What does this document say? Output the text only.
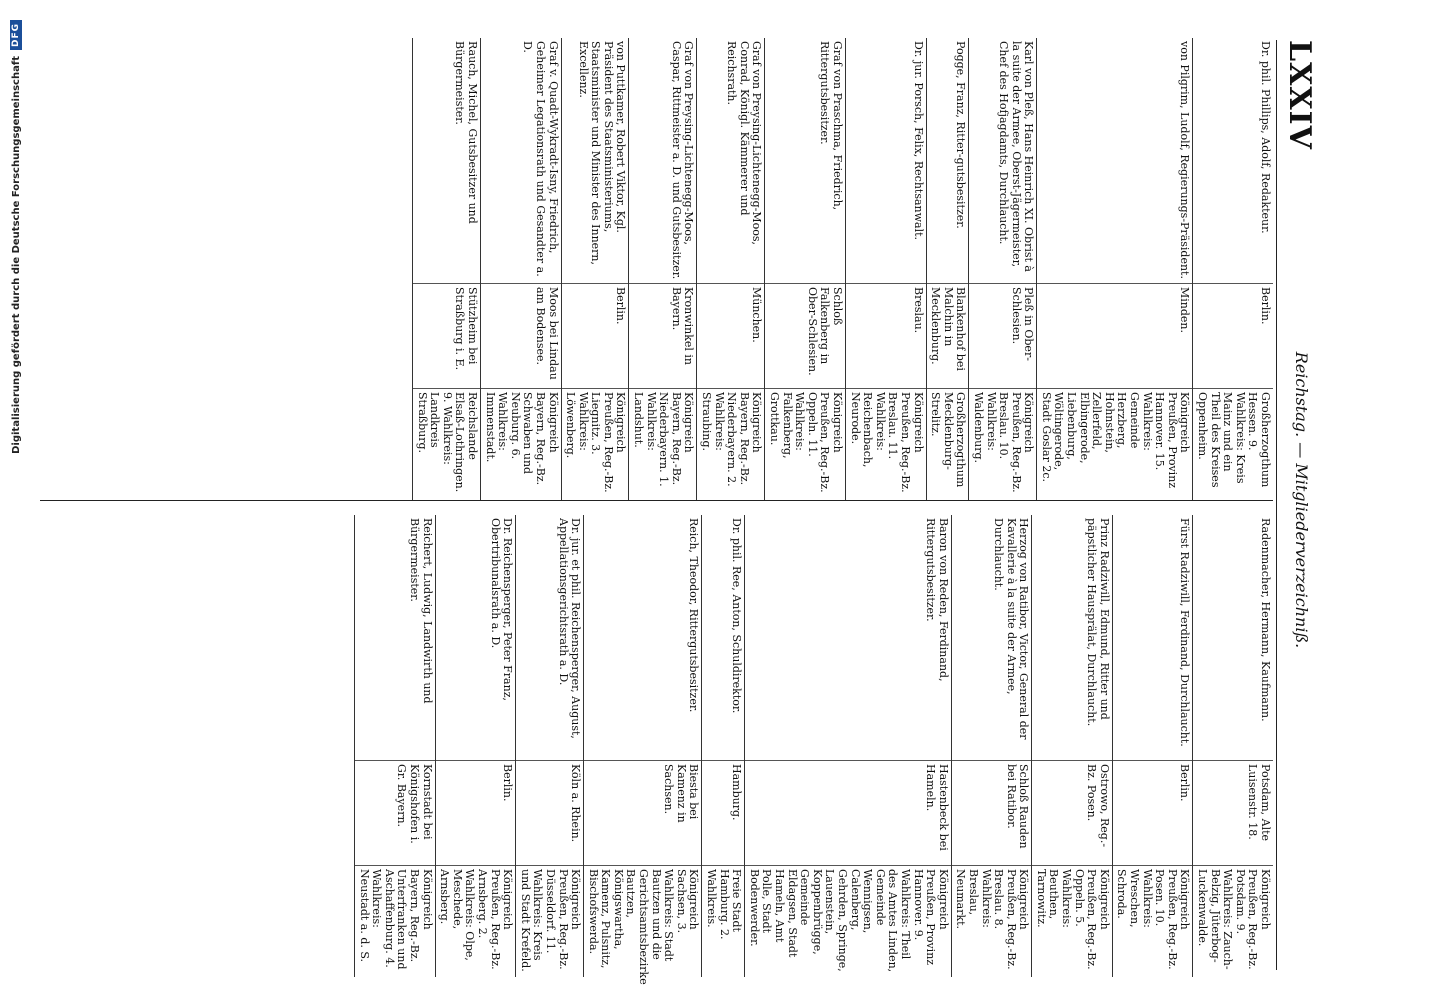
LXXIV
Reichstag. — Mitgliederverzeichniß.
Dr. phil. Phillips, Adolf, Redakteur.
Berlin.
Großherzogthum Hessen. 9. Wahlkreis: Kreis Mainz und ein Theil des Kreises Oppenheim.
von Pilgrim, Ludolf, Regierungs-Präsident.
Minden.
Königreich Preußen, Provinz Hannover. 15. Wahlkreis: Gemeinde Herzberg, Hohnstein, Zellerfeld, Elbingerode, Liebenburg, Wöltingerode, Stadt Goslar 2c.
Karl von Pleß, Hans Heinrich XI. Obrist à la suite der Armee, Oberst-Jägermeister, Chef des Hofjagdamts, Durchlaucht.
Pleß in Ober-Schlesien.
Königreich Preußen, Reg.-Bz. Breslau. 10. Wahlkreis: Waldenburg.
Pogge, Franz, Ritter-gutsbesitzer.
Blankenhof bei Malchin in Mecklenburg.
Großherzogthum Mecklenburg-Strelitz.
Dr. jur. Porsch, Felix, Rechtsanwalt.
Breslau.
Königreich Preußen, Reg.-Bz. Breslau. 11. Wahlkreis: Reichenbach, Neurode.
Graf von Praschma, Friedrich, Rittergutsbesitzer.
Schloß Falkenberg in Ober-Schlesien.
Königreich Preußen, Reg.-Bz. Oppeln. 11. Wahlkreis: Falkenberg, Grottkau.
Graf von Preysing-Lichtenegg-Moos, Conrad, Königl. Kämmerer und Reichsrath.
München.
Königreich Bayern, Reg.-Bz. Niederbayern. 2. Wahlkreis: Straubing.
Graf von Preysing-Lichtenegg-Moos, Caspar, Rittmeister a. D. und Gutsbesitzer.
Kronwinkel in Bayern.
Königreich Bayern, Reg.-Bz. Niederbayern. 1. Wahlkreis: Landshut.
von Puttkamer, Robert Viktor, Kgl. Präsident des Staatsministeriums, Staatsminister und Minister des Innern, Excellenz.
Berlin.
Königreich Preußen, Reg.-Bz. Liegnitz. 3. Wahlkreis: Löwenberg.
Graf v. Quadt-Wykradt-Isny, Friedrich, Geheimer Legationsrath und Gesandter a. D.
Moos bei Lindau am Bodensee.
Königreich Bayern, Reg.-Bz. Schwaben und Neuburg. 6. Wahlkreis: Immenstadt.
Rauch, Michel, Gutsbesitzer und Bürgermeister.
Stützheim bei Straßburg i. E.
Reichslande Elsaß-Lothringen. 9. Wahlkreis: Landkreis Straßburg.
Radenmacher, Hermann, Kaufmann.
Potsdam, Alte Luisenstr. 18.
Königreich Preußen, Reg.-Bz. Potsdam. 9. Wahlkreis: Zauch-Belzig, Jüterbog-Luckenwalde.
Fürst Radziwill, Ferdinand, Durchlaucht.
Berlin.
Königreich Preußen, Reg.-Bz. Posen. 10. Wahlkreis: Wreschen, Schroda.
Prinz Radziwill, Edmund, Ritter und päpstlicher Hausprälat, Durchlaucht.
Ostrowo, Reg.-Bz. Posen.
Königreich Preußen, Reg.-Bz. Oppeln. 5. Wahlkreis: Beuthen, Tarnowitz.
Herzog von Ratibor, Victor, General der Kavallerie à la suite der Armee, Durchlaucht.
Schloß Rauden bei Ratibor.
Königreich Preußen, Reg.-Bz. Breslau. 8. Wahlkreis: Breslau, Neumarkt.
Baron von Reden, Ferdinand, Rittergutsbesitzer.
Hastenbeck bei Hameln.
Königreich Preußen, Provinz Hannover. 9. Wahlkreis: Theil des Amtes Linden, Gemeinde Wennigsen, Calenberg, Gehrden, Springe, Lauenstein, Koppenbrügge, Gemeinde Eldagsen, Stadt Hameln, Amt Polle, Stadt Bodenwerder.
Dr. phil. Ree, Anton, Schuldirektor.
Hamburg.
Freie Stadt Hamburg. 2. Wahlkreis.
Reich, Theodor, Rittergutsbesitzer.
Biesta bei Kamenz in Sachsen.
Königreich Sachsen, 3. Wahlkreis: Stadt Bautzen und die Gerichtsamtsbezirke Bautzen, Königswartha, Kamenz, Pulsnitz, Bischofswerda.
Dr. jur. et phil. Reichensperger, August, Appellationsgerichtsrath a. D.
Köln a. Rhein.
Königreich Preußen, Reg.-Bz. Düsseldorf. 11. Wahlkreis: Kreis und Stadt Krefeld.
Dr. Reichensperger, Peter Franz, Obertribunalsrath a. D.
Berlin.
Königreich Preußen, Reg.-Bz. Arnsberg. 2. Wahlkreis: Olpe, Meschede, Arnsberg.
Reichert, Ludwig, Landwirth und Bürgermeister.
Kornstadt bei Königshofen i. Gr. Bayern.
Königreich Bayern, Reg.-Bz. Unterfranken und Aschaffenburg. 4. Wahlkreis: Neustadt a. d. S.
Digitalisierung gefördert durch die Deutsche Forschungsgemeinschaft
DFG
